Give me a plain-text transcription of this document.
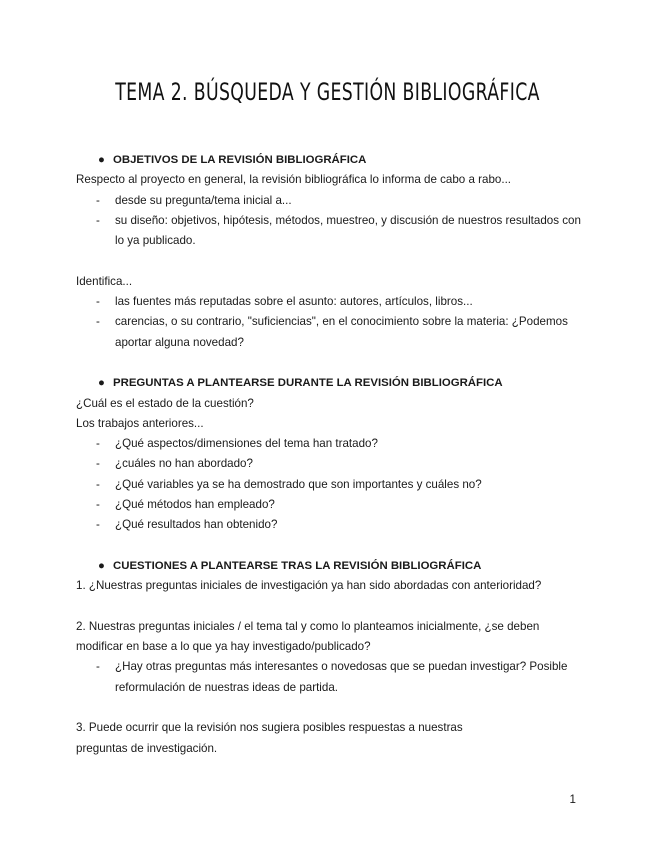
TEMA 2. BÚSQUEDA Y GESTIÓN BIBLIOGRÁFICA

● OBJETIVOS DE LA REVISIÓN BIBLIOGRÁFICA

Respecto al proyecto en general, la revisión bibliográfica lo informa de cabo a rabo...

- desde su pregunta/tema inicial a...
- su diseño: objetivos, hipótesis, métodos, muestreo, y discusión de nuestros resultados con lo ya publicado.

Identifica...

- las fuentes más reputadas sobre el asunto: autores, artículos, libros...
- carencias, o su contrario, "suficiencias", en el conocimiento sobre la materia: ¿Podemos aportar alguna novedad?

● PREGUNTAS A PLANTEARSE DURANTE LA REVISIÓN BIBLIOGRÁFICA

¿Cuál es el estado de la cuestión?

Los trabajos anteriores...

- ¿Qué aspectos/dimensiones del tema han tratado?
- ¿cuáles no han abordado?
- ¿Qué variables ya se ha demostrado que son importantes y cuáles no?
- ¿Qué métodos han empleado?
- ¿Qué resultados han obtenido?

● CUESTIONES A PLANTEARSE TRAS LA REVISIÓN BIBLIOGRÁFICA

1. ¿Nuestras preguntas iniciales de investigación ya han sido abordadas con anterioridad?

2. Nuestras preguntas iniciales / el tema tal y como lo planteamos inicialmente, ¿se deben modificar en base a lo que ya hay investigado/publicado?

- ¿Hay otras preguntas más interesantes o novedosas que se puedan investigar? Posible reformulación de nuestras ideas de partida.

3. Puede ocurrir que la revisión nos sugiera posibles respuestas a nuestras

preguntas de investigación.

1
